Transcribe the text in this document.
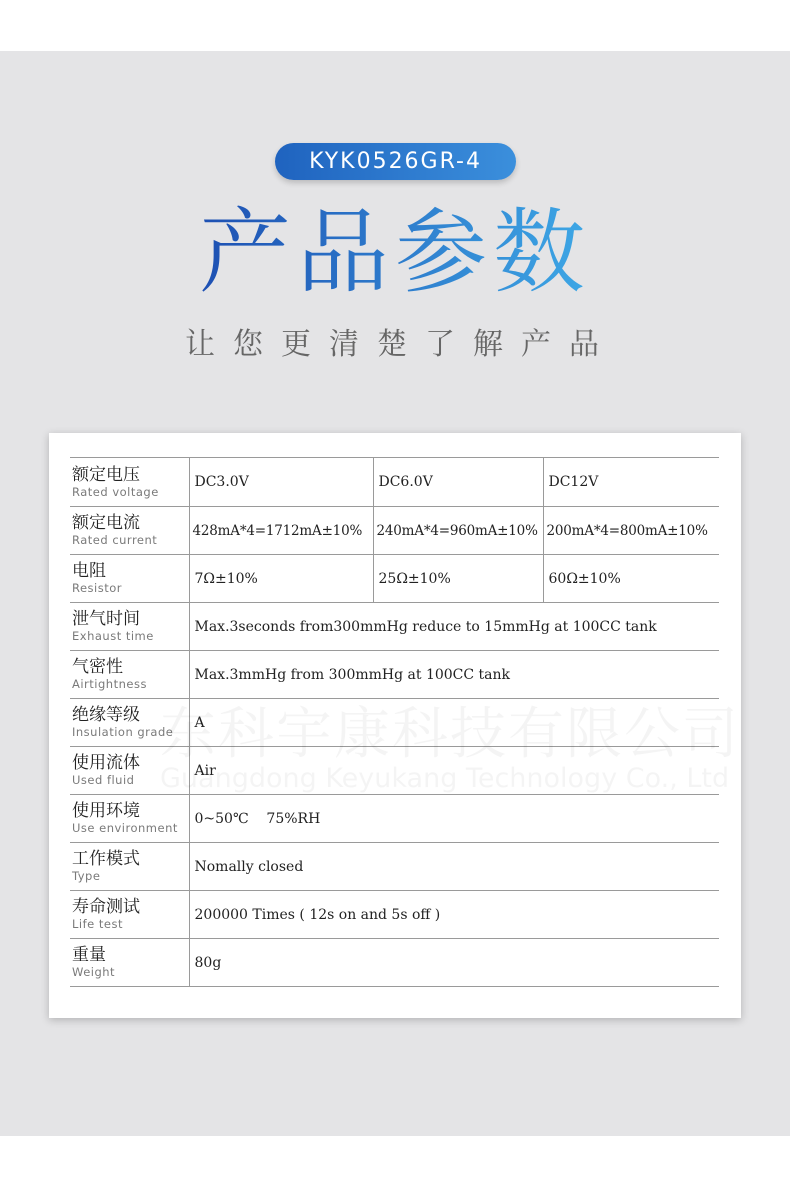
KYK0526GR-4
产品参数
让您更清楚了解产品
额定电压
Rated voltage	DC3.0V	DC6.0V	DC12V

额定电流
Rated current	428mA*4=1712mA±10%	240mA*4=960mA±10%	200mA*4=800mA±10%

电阻
Resistor	7Ω±10%	25Ω±10%	60Ω±10%

泄气时间
Exhaust time	Max.3seconds from300mmHg reduce to 15mmHg at 100CC tank		

气密性
Airtightness	Max.3mmHg from 300mmHg at 100CC tank		

绝缘等级
Insulation grade	A		

使用流体
Used fluid	Air		

使用环境
Use environment	0~50℃    75%RH		

工作模式
Type	Nomally closed		

寿命测试
Life test	200000 Times ( 12s on and 5s off )		

重量
Weight	80g		
